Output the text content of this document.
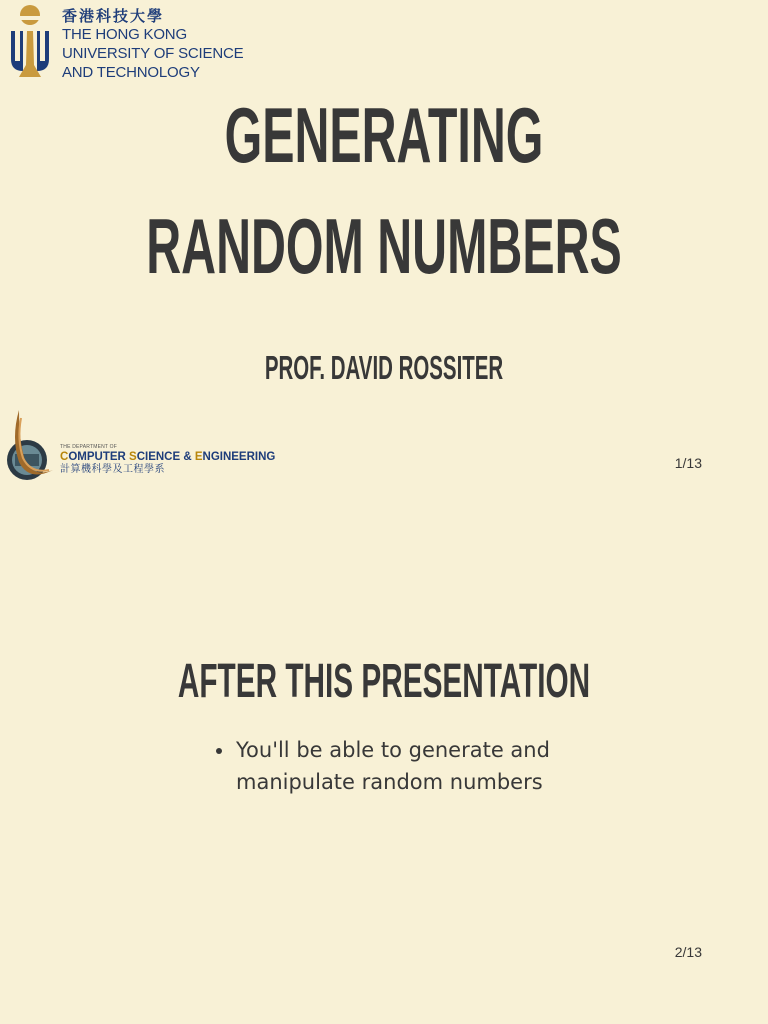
香港科技大學
THE HONG KONG
UNIVERSITY OF SCIENCE
AND TECHNOLOGY
GENERATING
RANDOM NUMBERS
PROF. DAVID ROSSITER
THE DEPARTMENT OF
COMPUTER SCIENCE & ENGINEERING
計算機科學及工程學系	1/13
AFTER THIS PRESENTATION
You'll be able to generate and manipulate random numbers
2/13
